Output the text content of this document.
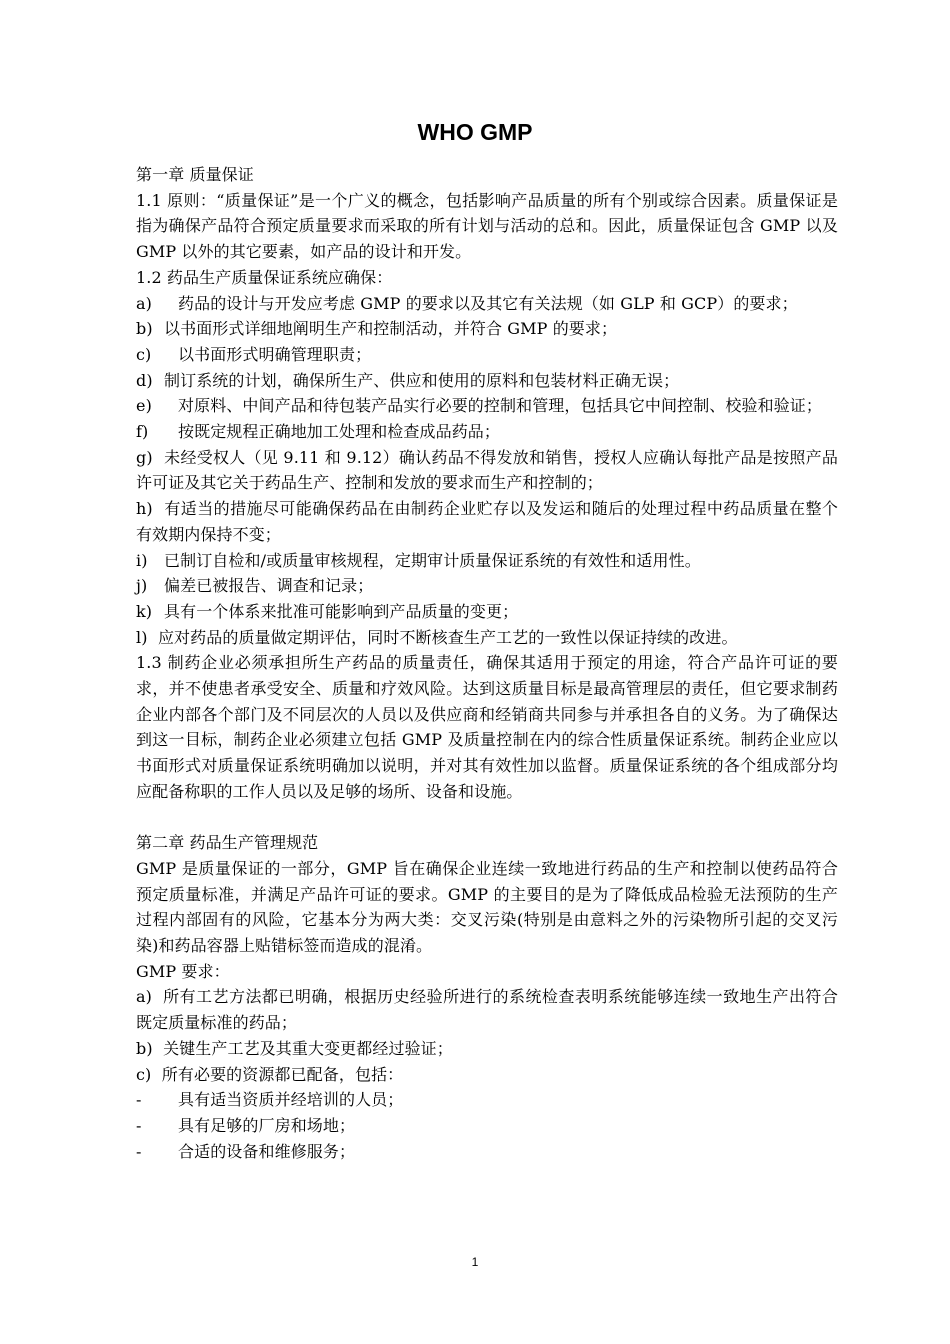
WHO GMP

第一章 质量保证

1.1 原则：“质量保证”是一个广义的概念，包括影响产品质量的所有个别或综合因素。质量保证是指为确保产品符合预定质量要求而采取的所有计划与活动的总和。因此，质量保证包含 GMP 以及 GMP 以外的其它要素，如产品的设计和开发。

1.2 药品生产质量保证系统应确保：

a) 药品的设计与开发应考虑 GMP 的要求以及其它有关法规（如 GLP 和 GCP）的要求；

b) 以书面形式详细地阐明生产和控制活动，并符合 GMP 的要求；

c) 以书面形式明确管理职责；

d) 制订系统的计划，确保所生产、供应和使用的原料和包装材料正确无误；

e) 对原料、中间产品和待包装产品实行必要的控制和管理，包括具它中间控制、校验和验证；

f) 按既定规程正确地加工处理和检查成品药品；

g) 未经受权人（见 9.11 和 9.12）确认药品不得发放和销售，授权人应确认每批产品是按照产品许可证及其它关于药品生产、控制和发放的要求而生产和控制的；

h) 有适当的措施尽可能确保药品在由制药企业贮存以及发运和随后的处理过程中药品质量在整个有效期内保持不变；

i) 已制订自检和/或质量审核规程，定期审计质量保证系统的有效性和适用性。

j) 偏差已被报告、调查和记录；

k) 具有一个体系来批准可能影响到产品质量的变更；

l) 应对药品的质量做定期评估，同时不断核查生产工艺的一致性以保证持续的改进。

1.3 制药企业必须承担所生产药品的质量责任，确保其适用于预定的用途，符合产品许可证的要求，并不使患者承受安全、质量和疗效风险。达到这质量目标是最高管理层的责任，但它要求制药企业内部各个部门及不同层次的人员以及供应商和经销商共同参与并承担各自的义务。为了确保达到这一目标，制药企业必须建立包括 GMP 及质量控制在内的综合性质量保证系统。制药企业应以书面形式对质量保证系统明确加以说明，并对其有效性加以监督。质量保证系统的各个组成部分均应配备称职的工作人员以及足够的场所、设备和设施。

第二章 药品生产管理规范

GMP 是质量保证的一部分，GMP 旨在确保企业连续一致地进行药品的生产和控制以使药品符合预定质量标准，并满足产品许可证的要求。GMP 的主要目的是为了降低成品检验无法预防的生产过程内部固有的风险，它基本分为两大类：交叉污染(特别是由意料之外的污染物所引起的交叉污染)和药品容器上贴错标签而造成的混淆。

GMP 要求：

a) 所有工艺方法都已明确，根据历史经验所进行的系统检查表明系统能够连续一致地生产出符合既定质量标准的药品；

b) 关键生产工艺及其重大变更都经过验证；

c) 所有必要的资源都已配备，包括：

- 具有适当资质并经培训的人员；

- 具有足够的厂房和场地；

- 合适的设备和维修服务；

1
